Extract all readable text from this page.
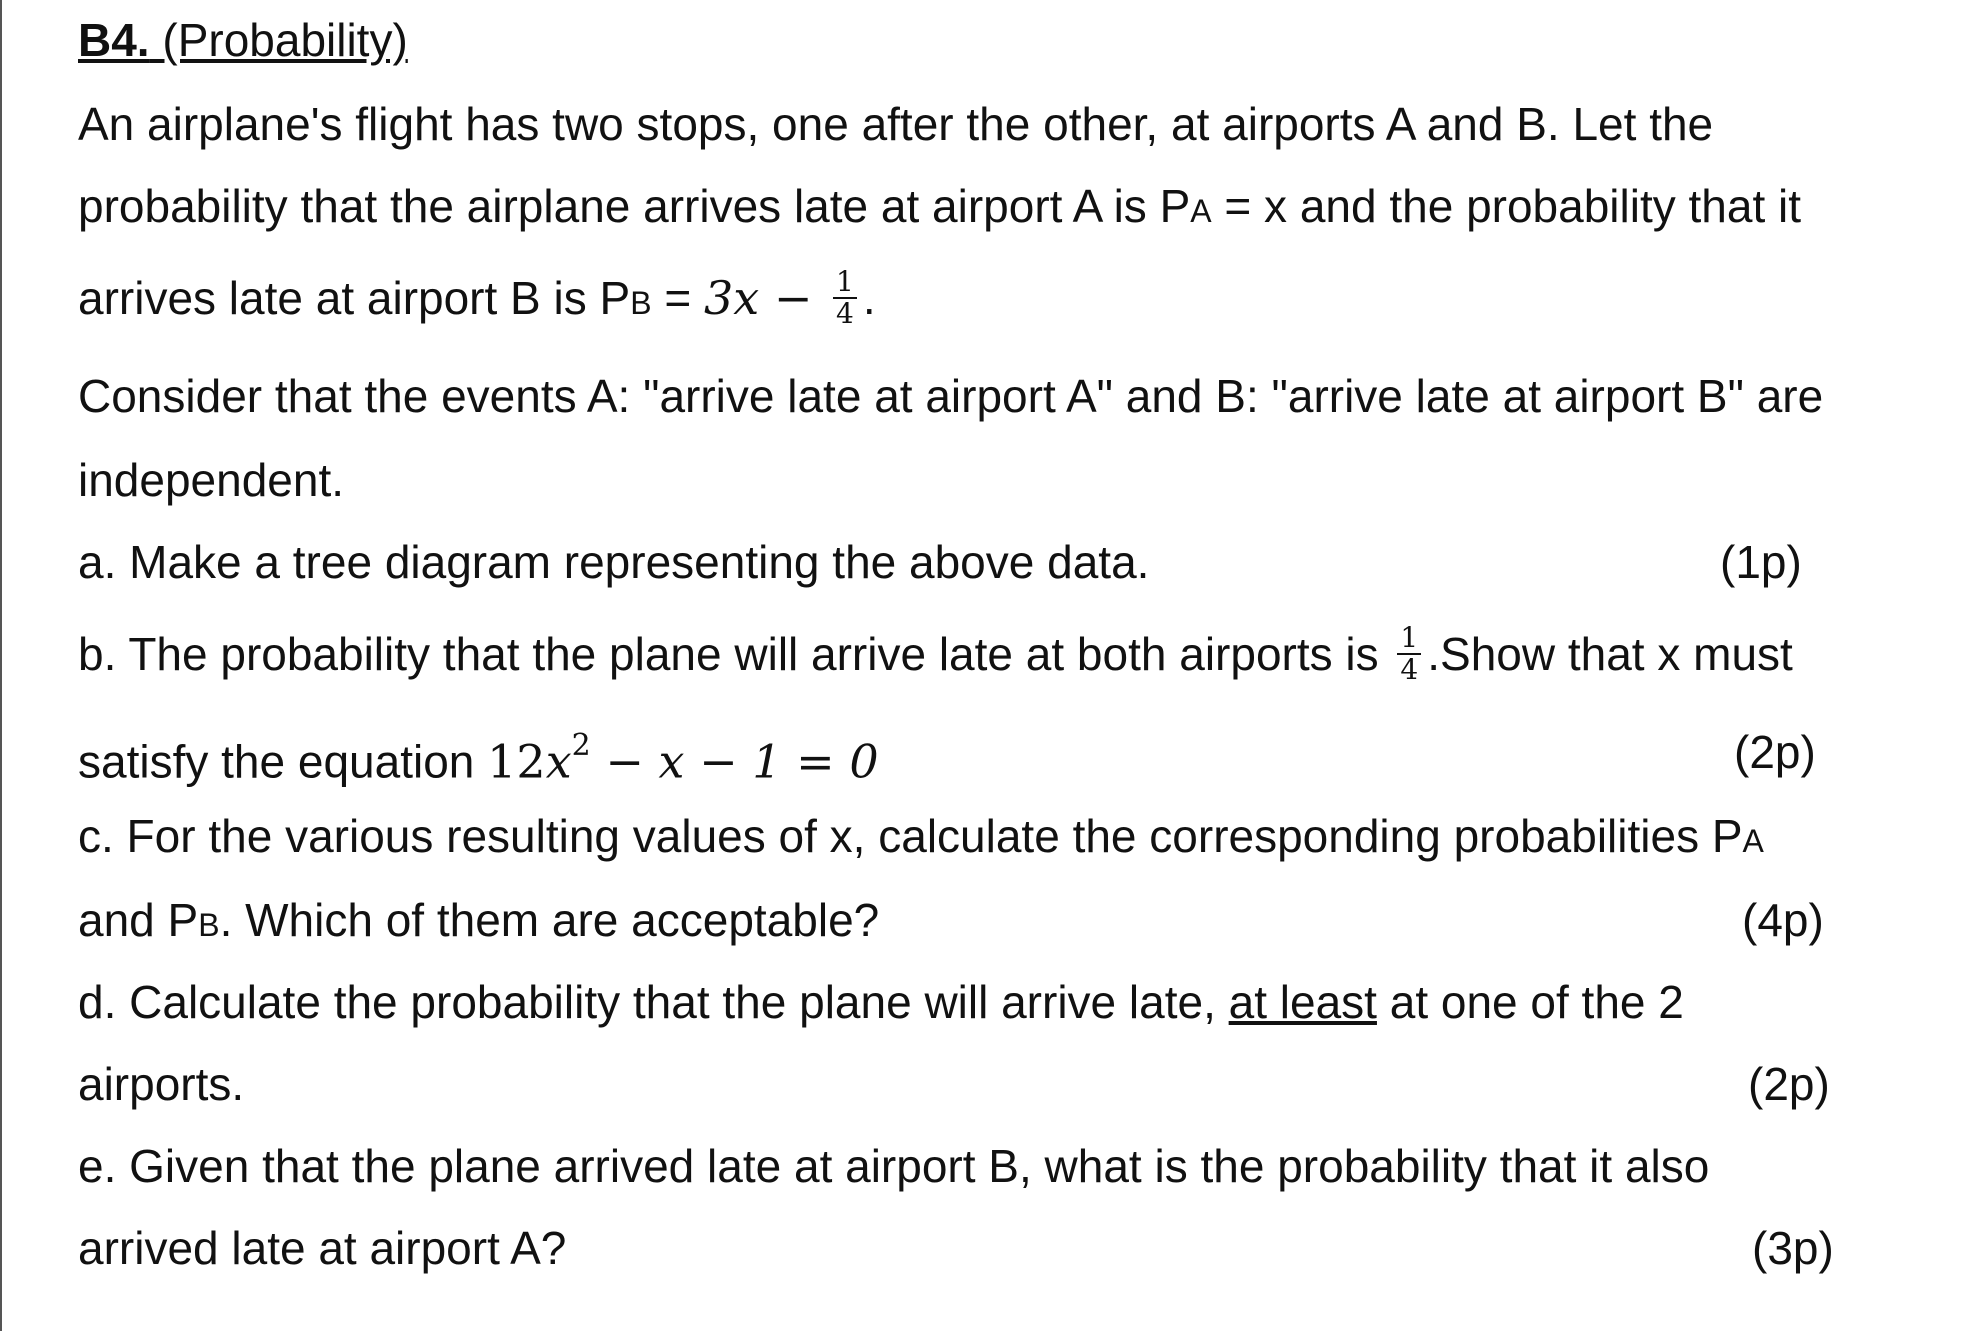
B4. (Probability)
An airplane's flight has two stops, one after the other, at airports A and B. Let the
probability that the airplane arrives late at airport A is PA = x and the probability that it
arrives late at airport B is PB = $3x - \frac{1}{4}$ .
Consider that the events A: "arrive late at airport A" and B: "arrive late at airport B" are
independent.
a. Make a tree diagram representing the above data.	(1p)
b. The probability that the plane will arrive late at both airports is $\frac{1}{4}$ .Show that x must
satisfy the equation $12x^2 - x - 1 = 0$	(2p)
c. For the various resulting values of x, calculate the corresponding probabilities PA
and PB. Which of them are acceptable?	(4p)
d. Calculate the probability that the plane will arrive late, at least at one of the 2
airports.	(2p)
e. Given that the plane arrived late at airport B, what is the probability that it also
arrived late at airport A?	(3p)
